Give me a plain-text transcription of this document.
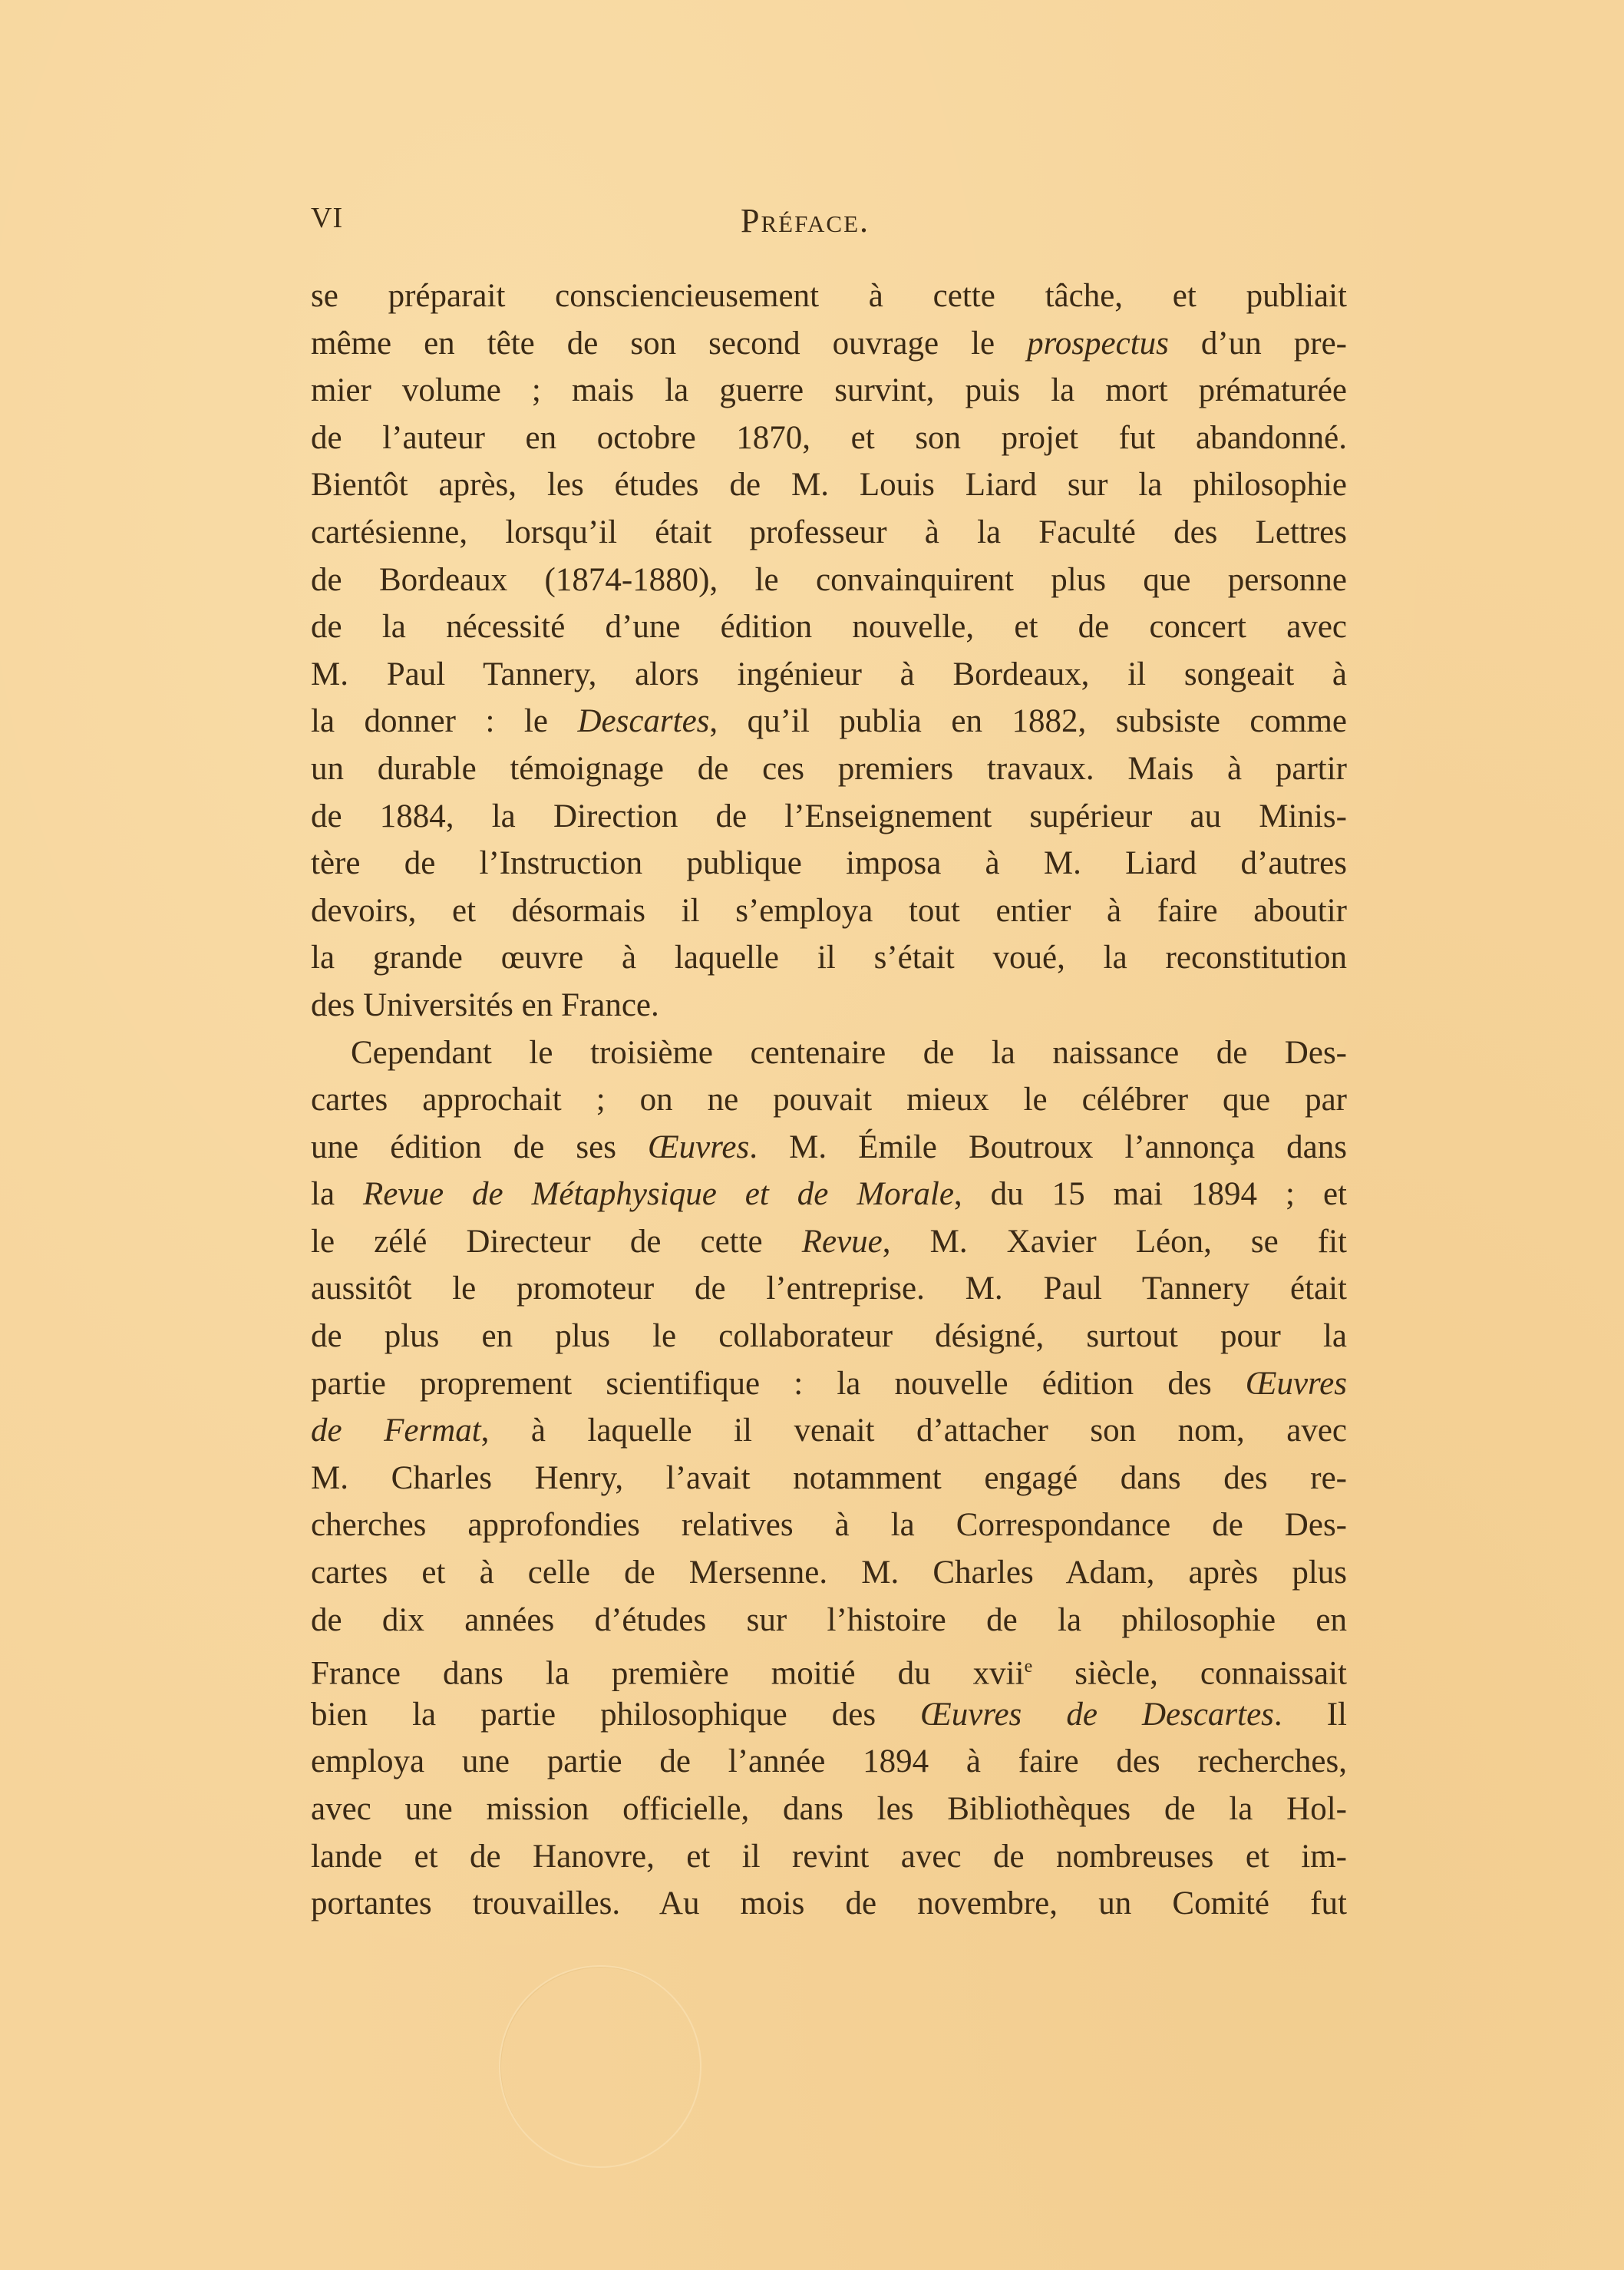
VI	Préface.
se préparait consciencieusement à cette tâche, et publiait
même en tête de son second ouvrage le prospectus d’un pre-
mier volume ; mais la guerre survint, puis la mort prématurée
de l’auteur en octobre 1870, et son projet fut abandonné.
Bientôt après, les études de M. Louis Liard sur la philosophie
cartésienne, lorsqu’il était professeur à la Faculté des Lettres
de Bordeaux (1874-1880), le convainquirent plus que personne
de la nécessité d’une édition nouvelle, et de concert avec
M. Paul Tannery, alors ingénieur à Bordeaux, il songeait à
la donner : le Descartes, qu’il publia en 1882, subsiste comme
un durable témoignage de ces premiers travaux. Mais à partir
de 1884, la Direction de l’Enseignement supérieur au Minis-
tère de l’Instruction publique imposa à M. Liard d’autres
devoirs, et désormais il s’employa tout entier à faire aboutir
la grande œuvre à laquelle il s’était voué, la reconstitution
des Universités en France.
Cependant le troisième centenaire de la naissance de Des-
cartes approchait ; on ne pouvait mieux le célébrer que par
une édition de ses Œuvres. M. Émile Boutroux l’annonça dans
la Revue de Métaphysique et de Morale, du 15 mai 1894 ; et
le zélé Directeur de cette Revue, M. Xavier Léon, se fit
aussitôt le promoteur de l’entreprise. M. Paul Tannery était
de plus en plus le collaborateur désigné, surtout pour la
partie proprement scientifique : la nouvelle édition des Œuvres
de Fermat, à laquelle il venait d’attacher son nom, avec
M. Charles Henry, l’avait notamment engagé dans des re-
cherches approfondies relatives à la Correspondance de Des-
cartes et à celle de Mersenne. M. Charles Adam, après plus
de dix années d’études sur l’histoire de la philosophie en
France dans la première moitié du xvii$^e$ siècle, connaissait
bien la partie philosophique des Œuvres de Descartes. Il
employa une partie de l’année 1894 à faire des recherches,
avec une mission officielle, dans les Bibliothèques de la Hol-
lande et de Hanovre, et il revint avec de nombreuses et im-
portantes trouvailles. Au mois de novembre, un Comité fut
